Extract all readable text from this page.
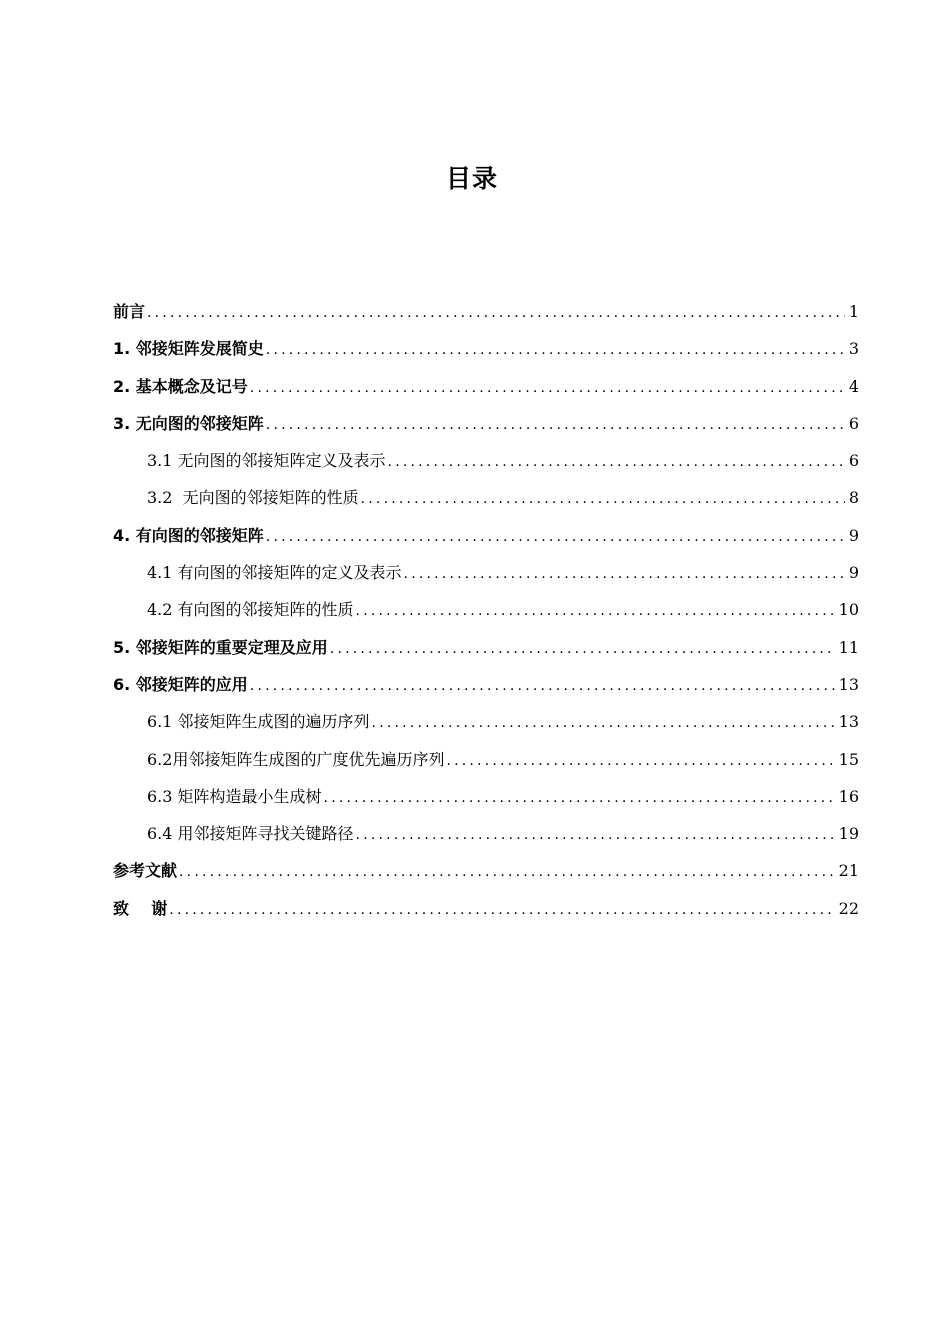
目录
前言 .....	1
1. 邻接矩阵发展简史 .....	3
2. 基本概念及记号 .....	4
3. 无向图的邻接矩阵 .....	6
3.1 无向图的邻接矩阵定义及表示 .....	6
3.2  无向图的邻接矩阵的性质 .....	8
4. 有向图的邻接矩阵 .....	9
4.1 有向图的邻接矩阵的定义及表示 .....	9
4.2 有向图的邻接矩阵的性质 .....	10
5. 邻接矩阵的重要定理及应用 .....	11
6. 邻接矩阵的应用 .....	13
6.1 邻接矩阵生成图的遍历序列 .....	13
6.2用邻接矩阵生成图的广度优先遍历序列 .....	15
6.3 矩阵构造最小生成树 .....	16
6.4 用邻接矩阵寻找关键路径 .....	19
参考文献 .....	21
致    谢 .....	22
